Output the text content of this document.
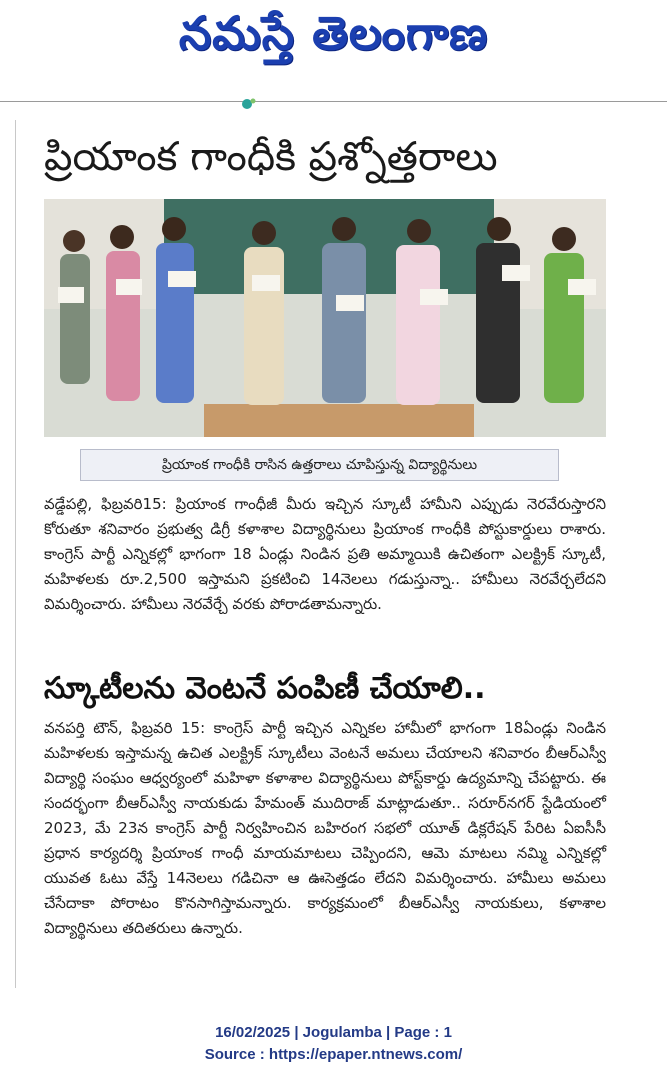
నమస్తే తెలంగాణ
ప్రియాంక గాంధీకి ప్రశ్నోత్తరాలు
ప్రియాంక గాంధీకి రాసిన ఉత్తరాలు చూపిస్తున్న విద్యార్థినులు
వడ్డేపల్లి, ఫిబ్రవరి15: ప్రియాంక గాంధీజీ మీరు ఇచ్చిన స్కూటీ హామీని ఎప్పుడు నెరవేరుస్తారని కోరుతూ శనివారం ప్రభుత్వ డిగ్రీ కళాశాల విద్యార్థినులు ప్రియాంక గాంధీకి పోస్టుకార్డులు రాశారు. కాంగ్రెస్ పార్టీ ఎన్నికల్లో భాగంగా 18 ఏండ్లు నిండిన ప్రతి అమ్మాయికి ఉచితంగా ఎలక్ట్రిక్ స్కూటీ, మహిళలకు రూ.2,500 ఇస్తామని ప్రకటించి 14నెలలు గడుస్తున్నా.. హామీలు నెరవేర్చలేదని విమర్శించారు. హామీలు నెరవేర్చే వరకు పోరాడతామన్నారు.
స్కూటీలను వెంటనే పంపిణీ చేయాలి..
వనపర్తి టౌన్, ఫిబ్రవరి 15: కాంగ్రెస్ పార్టీ ఇచ్చిన ఎన్నికల హామీలో భాగంగా 18ఏండ్లు నిండిన మహిళలకు ఇస్తామన్న ఉచిత ఎలక్ట్రిక్ స్కూటీలు వెంటనే అమలు చేయాలని శనివారం బీఆర్ఎస్వీ విద్యార్థి సంఘం ఆధ్వర్యంలో మహిళా కళాశాల విద్యార్థినులు పోస్ట్‌కార్డు ఉద్యమాన్ని చేపట్టారు. ఈ సందర్భంగా బీఆర్ఎస్వీ నాయకుడు హేమంత్ ముదిరాజ్ మాట్లాడుతూ.. సరూర్‌నగర్ స్టేడియంలో 2023, మే 23న కాంగ్రెస్ పార్టీ నిర్వహించిన బహిరంగ సభలో యూత్ డిక్లరేషన్ పేరిట ఏఐసీసీ ప్రధాన కార్యదర్శి ప్రియాంక గాంధీ మాయమాటలు చెప్పిందని, ఆమె మాటలు నమ్మి ఎన్నికల్లో యువత ఓటు వేస్తే 14నెలలు గడిచినా ఆ ఊసెత్తడం లేదని విమర్శించారు. హామీలు అమలు చేసేదాకా పోరాటం కొనసాగిస్తామన్నారు. కార్యక్రమంలో బీఆర్ఎస్వీ నాయకులు, కళాశాల విద్యార్థినులు తదితరులు ఉన్నారు.
16/02/2025 | Jogulamba | Page : 1
Source : https://epaper.ntnews.com/
